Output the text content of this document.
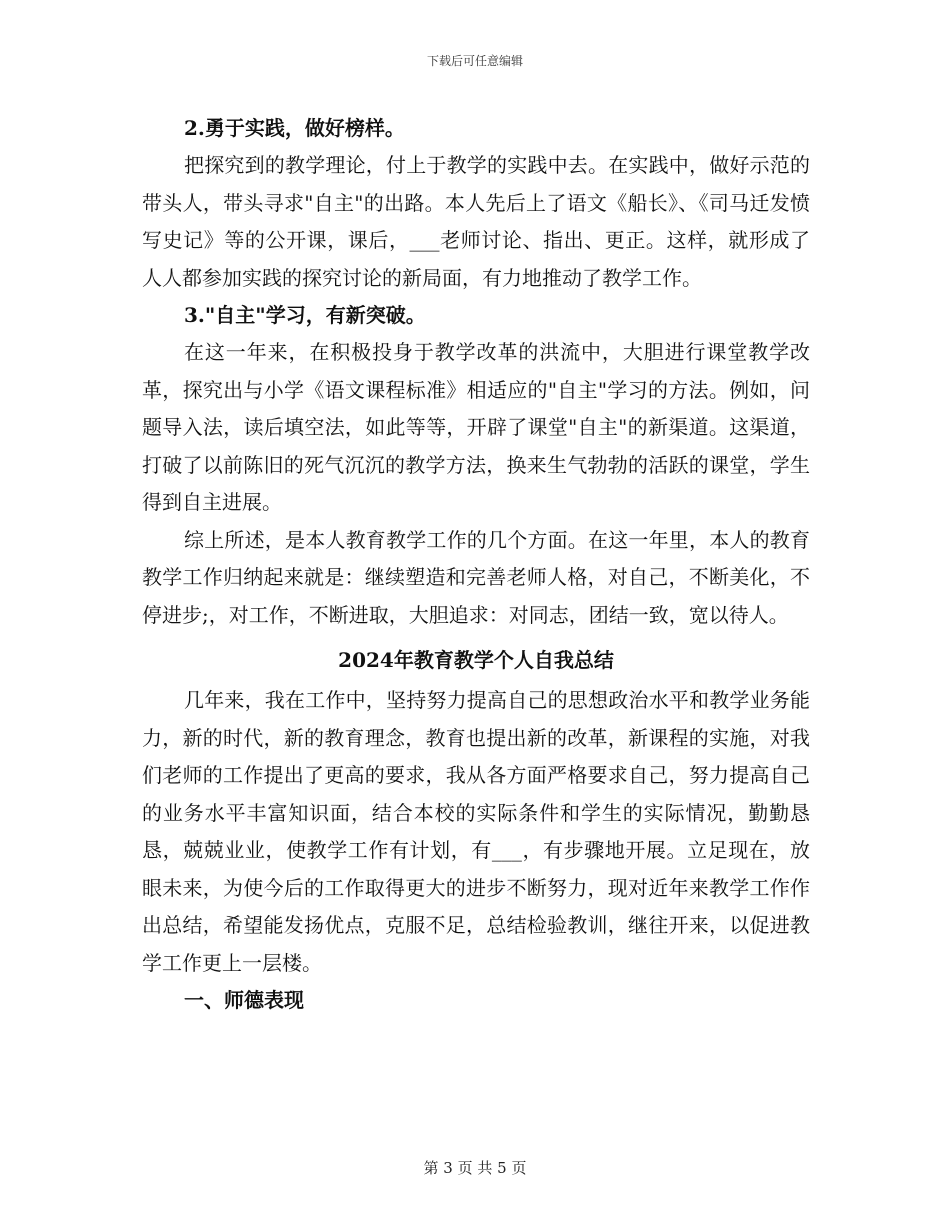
下载后可任意编辑

2.勇于实践，做好榜样。

把探究到的教学理论，付上于教学的实践中去。在实践中，做好示范的带头人，带头寻求"自主"的出路。本人先后上了语文《船长》、《司马迁发愤写史记》等的公开课，课后，___老师讨论、指出、更正。这样，就形成了人人都参加实践的探究讨论的新局面，有力地推动了教学工作。

3."自主"学习，有新突破。

在这一年来，在积极投身于教学改革的洪流中，大胆进行课堂教学改革，探究出与小学《语文课程标准》相适应的"自主"学习的方法。例如，问题导入法，读后填空法，如此等等，开辟了课堂"自主"的新渠道。这渠道，打破了以前陈旧的死气沉沉的教学方法，换来生气勃勃的活跃的课堂，学生得到自主进展。

综上所述，是本人教育教学工作的几个方面。在这一年里，本人的教育教学工作归纳起来就是：继续塑造和完善老师人格，对自己，不断美化，不停进步;，对工作，不断进取，大胆追求：对同志，团结一致，宽以待人。

2024年教育教学个人自我总结

几年来，我在工作中，坚持努力提高自己的思想政治水平和教学业务能力，新的时代，新的教育理念，教育也提出新的改革，新课程的实施，对我们老师的工作提出了更高的要求，我从各方面严格要求自己，努力提高自己的业务水平丰富知识面，结合本校的实际条件和学生的实际情况，勤勤恳恳，兢兢业业，使教学工作有计划，有___，有步骤地开展。立足现在，放眼未来，为使今后的工作取得更大的进步不断努力，现对近年来教学工作作出总结，希望能发扬优点，克服不足，总结检验教训，继往开来，以促进教学工作更上一层楼。

一、师德表现

第 3 页 共 5 页
